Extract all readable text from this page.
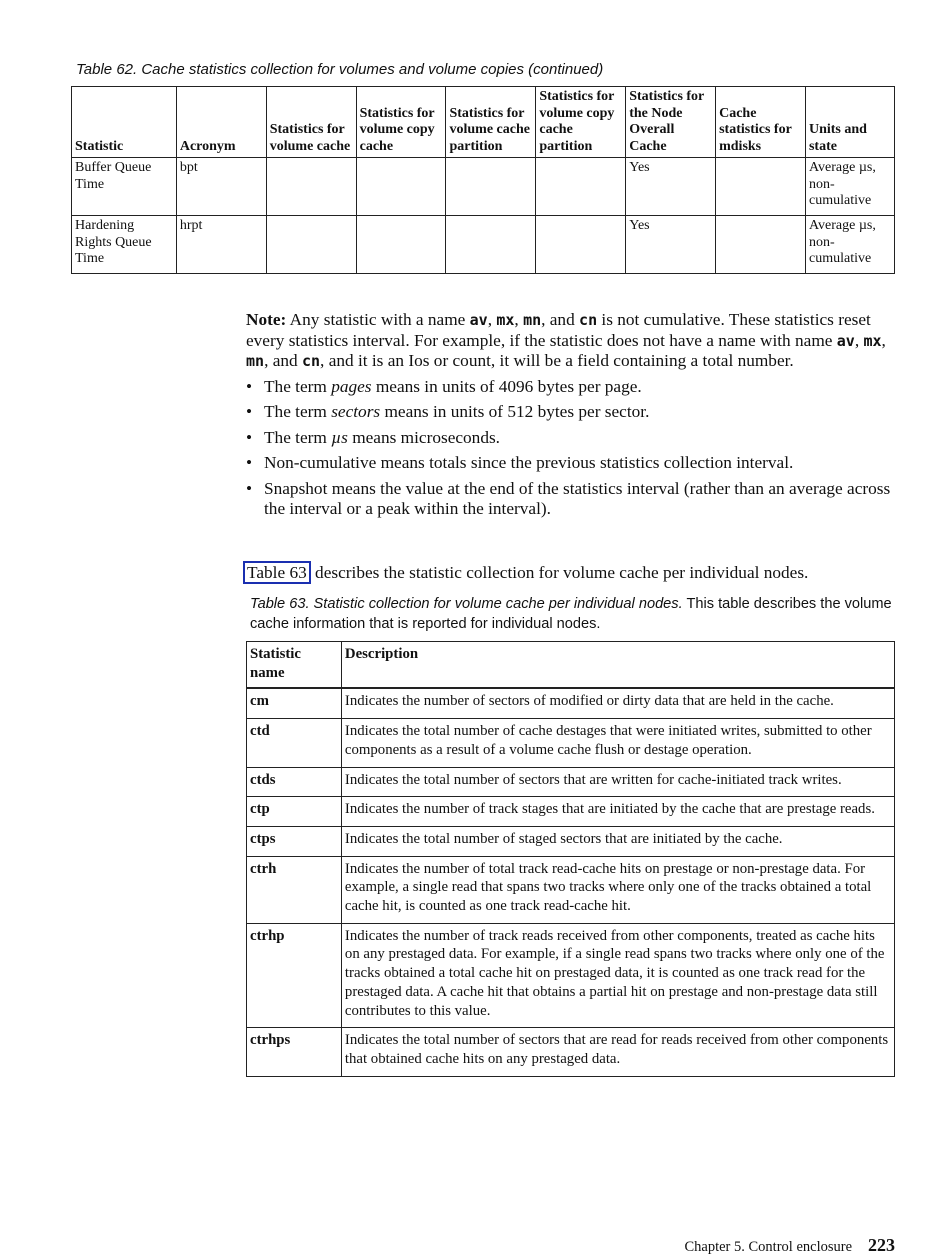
Table 62. Cache statistics collection for volumes and volume copies (continued)
Statistic	Acronym	Statistics for volume cache	Statistics for volume copy cache	Statistics for volume cache partition	Statistics for volume copy cache partition	Statistics for the Node Overall Cache	Cache statistics for mdisks	Units and state
Buffer Queue Time	bpt					Yes		Average µs, non-cumulative
Hardening Rights Queue Time	hrpt					Yes		Average µs, non-cumulative

Note: Any statistic with a name av, mx, mn, and cn is not cumulative. These statistics reset every statistics interval. For example, if the statistic does not have a name with name av, mx, mn, and cn, and it is an Ios or count, it will be a field containing a total number.

• The term pages means in units of 4096 bytes per page.
• The term sectors means in units of 512 bytes per sector.
• The term µs means microseconds.
• Non-cumulative means totals since the previous statistics collection interval.
• Snapshot means the value at the end of the statistics interval (rather than an average across the interval or a peak within the interval).
Table 63 describes the statistic collection for volume cache per individual nodes.
Table 63. Statistic collection for volume cache per individual nodes. This table describes the volume cache information that is reported for individual nodes.
Statistic name	Description
cm	Indicates the number of sectors of modified or dirty data that are held in the cache.
ctd	Indicates the total number of cache destages that were initiated writes, submitted to other components as a result of a volume cache flush or destage operation.
ctds	Indicates the total number of sectors that are written for cache-initiated track writes.
ctp	Indicates the number of track stages that are initiated by the cache that are prestage reads.
ctps	Indicates the total number of staged sectors that are initiated by the cache.
ctrh	Indicates the number of total track read-cache hits on prestage or non-prestage data. For example, a single read that spans two tracks where only one of the tracks obtained a total cache hit, is counted as one track read-cache hit.
ctrhp	Indicates the number of track reads received from other components, treated as cache hits on any prestaged data. For example, if a single read spans two tracks where only one of the tracks obtained a total cache hit on prestaged data, it is counted as one track read for the prestaged data. A cache hit that obtains a partial hit on prestage and non-prestage data still contributes to this value.
ctrhps	Indicates the total number of sectors that are read for reads received from other components that obtained cache hits on any prestaged data.
Chapter 5. Control enclosure 223
